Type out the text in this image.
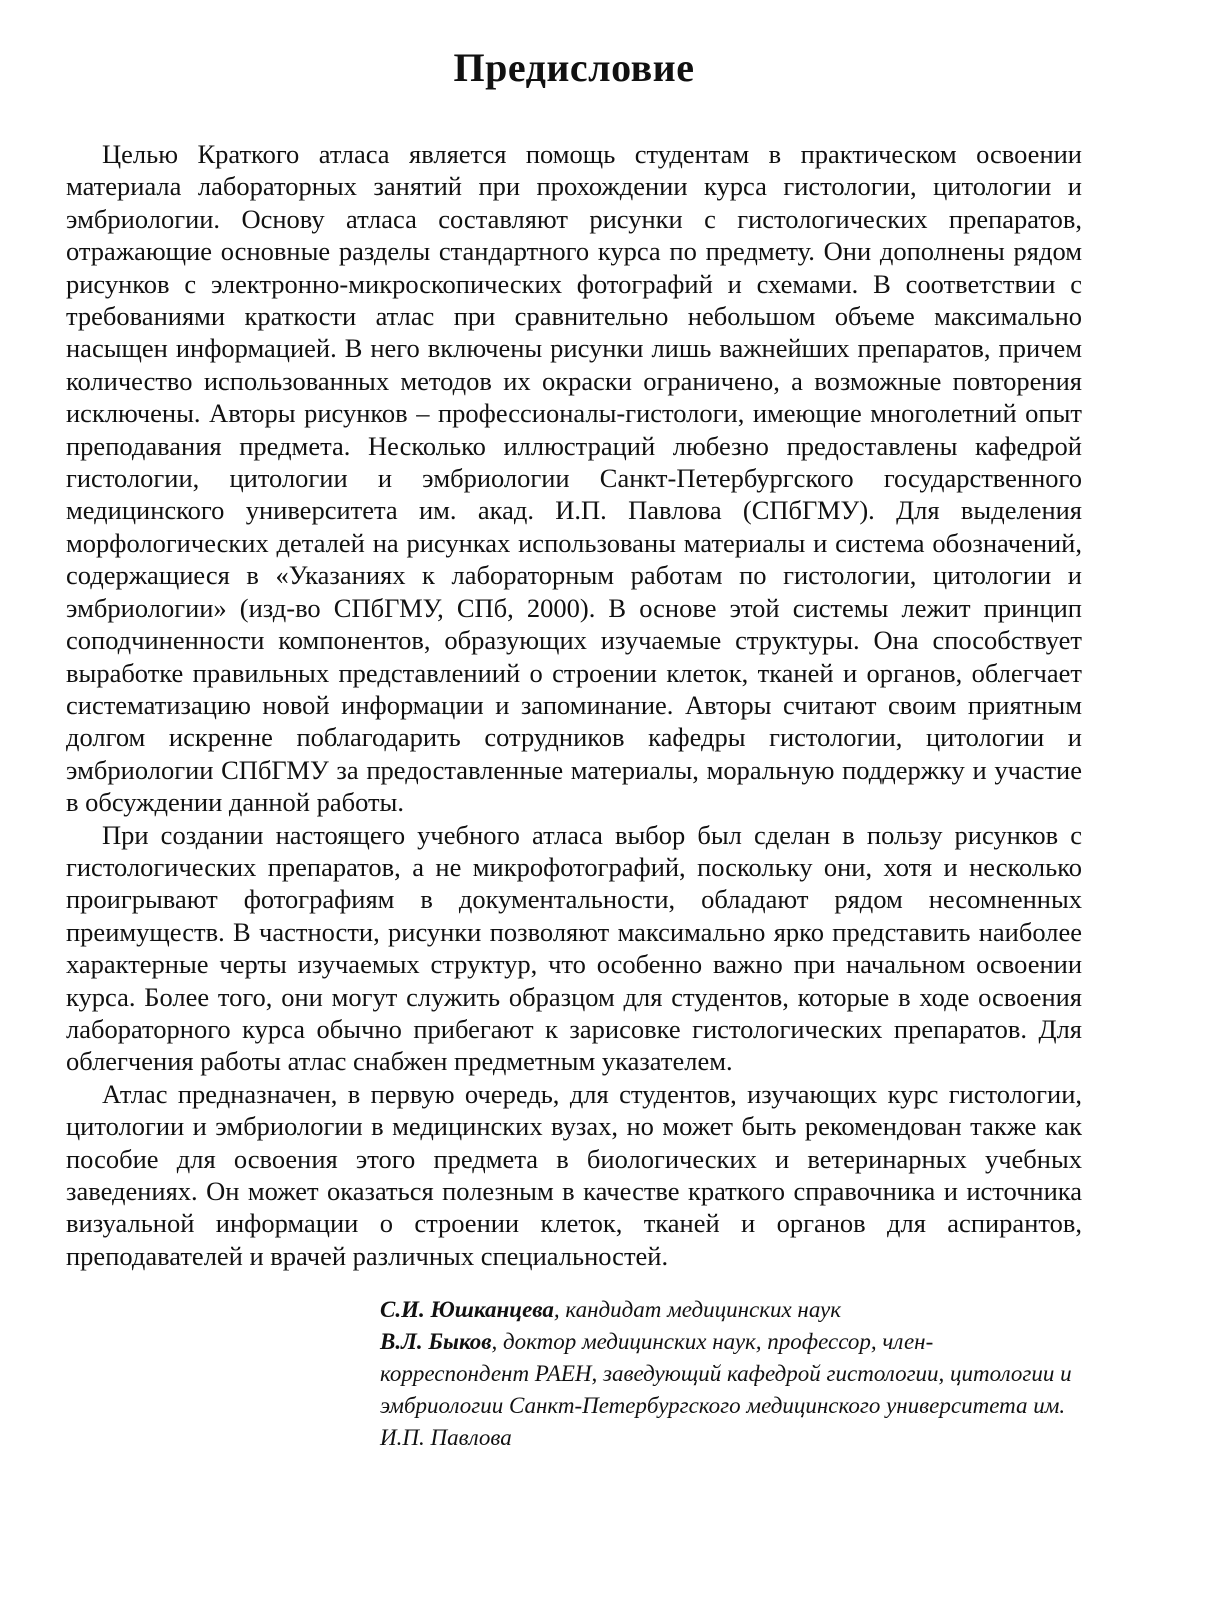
Предисловие

Целью Краткого атласа является помощь студентам в практическом освоении материала лабораторных занятий при прохождении курса гистологии, цитологии и эмбриологии. Основу атласа составляют рисунки с гистологических препаратов, отражающие основные разделы стандартного курса по предмету. Они дополнены рядом рисунков с электронно-микроскопических фотографий и схемами. В соответствии с требованиями краткости атлас при сравнительно небольшом объеме максимально насыщен информацией. В него включены рисунки лишь важнейших препаратов, причем количество использованных методов их окраски ограничено, а возможные повторения исключены. Авторы рисунков – профессионалы-гистологи, имеющие многолетний опыт преподавания предмета. Несколько иллюстраций любезно предоставлены кафедрой гистологии, цитологии и эмбриологии Санкт-Петербургского государственного медицинского университета им. акад. И.П. Павлова (СПбГМУ). Для выделения морфологических деталей на рисунках использованы материалы и система обозначений, содержащиеся в «Указаниях к лабораторным работам по гистологии, цитологии и эмбриологии» (изд-во СПбГМУ, СПб, 2000). В основе этой системы лежит принцип соподчиненности компонентов, образующих изучаемые структуры. Она способствует выработке правильных представлениий о строении клеток, тканей и органов, облегчает систематизацию новой информации и запоминание. Авторы считают своим приятным долгом искренне поблагодарить сотрудников кафедры гистологии, цитологии и эмбриологии СПбГМУ за предоставленные материалы, моральную поддержку и участие в обсуждении данной работы.

При создании настоящего учебного атласа выбор был сделан в пользу рисунков с гистологических препаратов, а не микрофотографий, поскольку они, хотя и несколько проигрывают фотографиям в документальности, обладают рядом несомненных преимуществ. В частности, рисунки позволяют максимально ярко представить наиболее характерные черты изучаемых структур, что особенно важно при начальном освоении курса. Более того, они могут служить образцом для студентов, которые в ходе освоения лабораторного курса обычно прибегают к зарисовке гистологических препаратов. Для облегчения работы атлас снабжен предметным указателем.

Атлас предназначен, в первую очередь, для студентов, изучающих курс гистологии, цитологии и эмбриологии в медицинских вузах, но может быть рекомендован также как пособие для освоения этого предмета в биологических и ветеринарных учебных заведениях. Он может оказаться полезным в качестве краткого справочника и источника визуальной информации о строении клеток, тканей и органов для аспирантов, преподавателей и врачей различных специальностей.

С.И. Юшканцева, кандидат медицинских наук

В.Л. Быков, доктор медицинских наук, профессор, член-корреспондент РАЕН, заведующий кафедрой гистологии, цитологии и эмбриологии Санкт-Петербургского медицинского университета им. И.П. Павлова
